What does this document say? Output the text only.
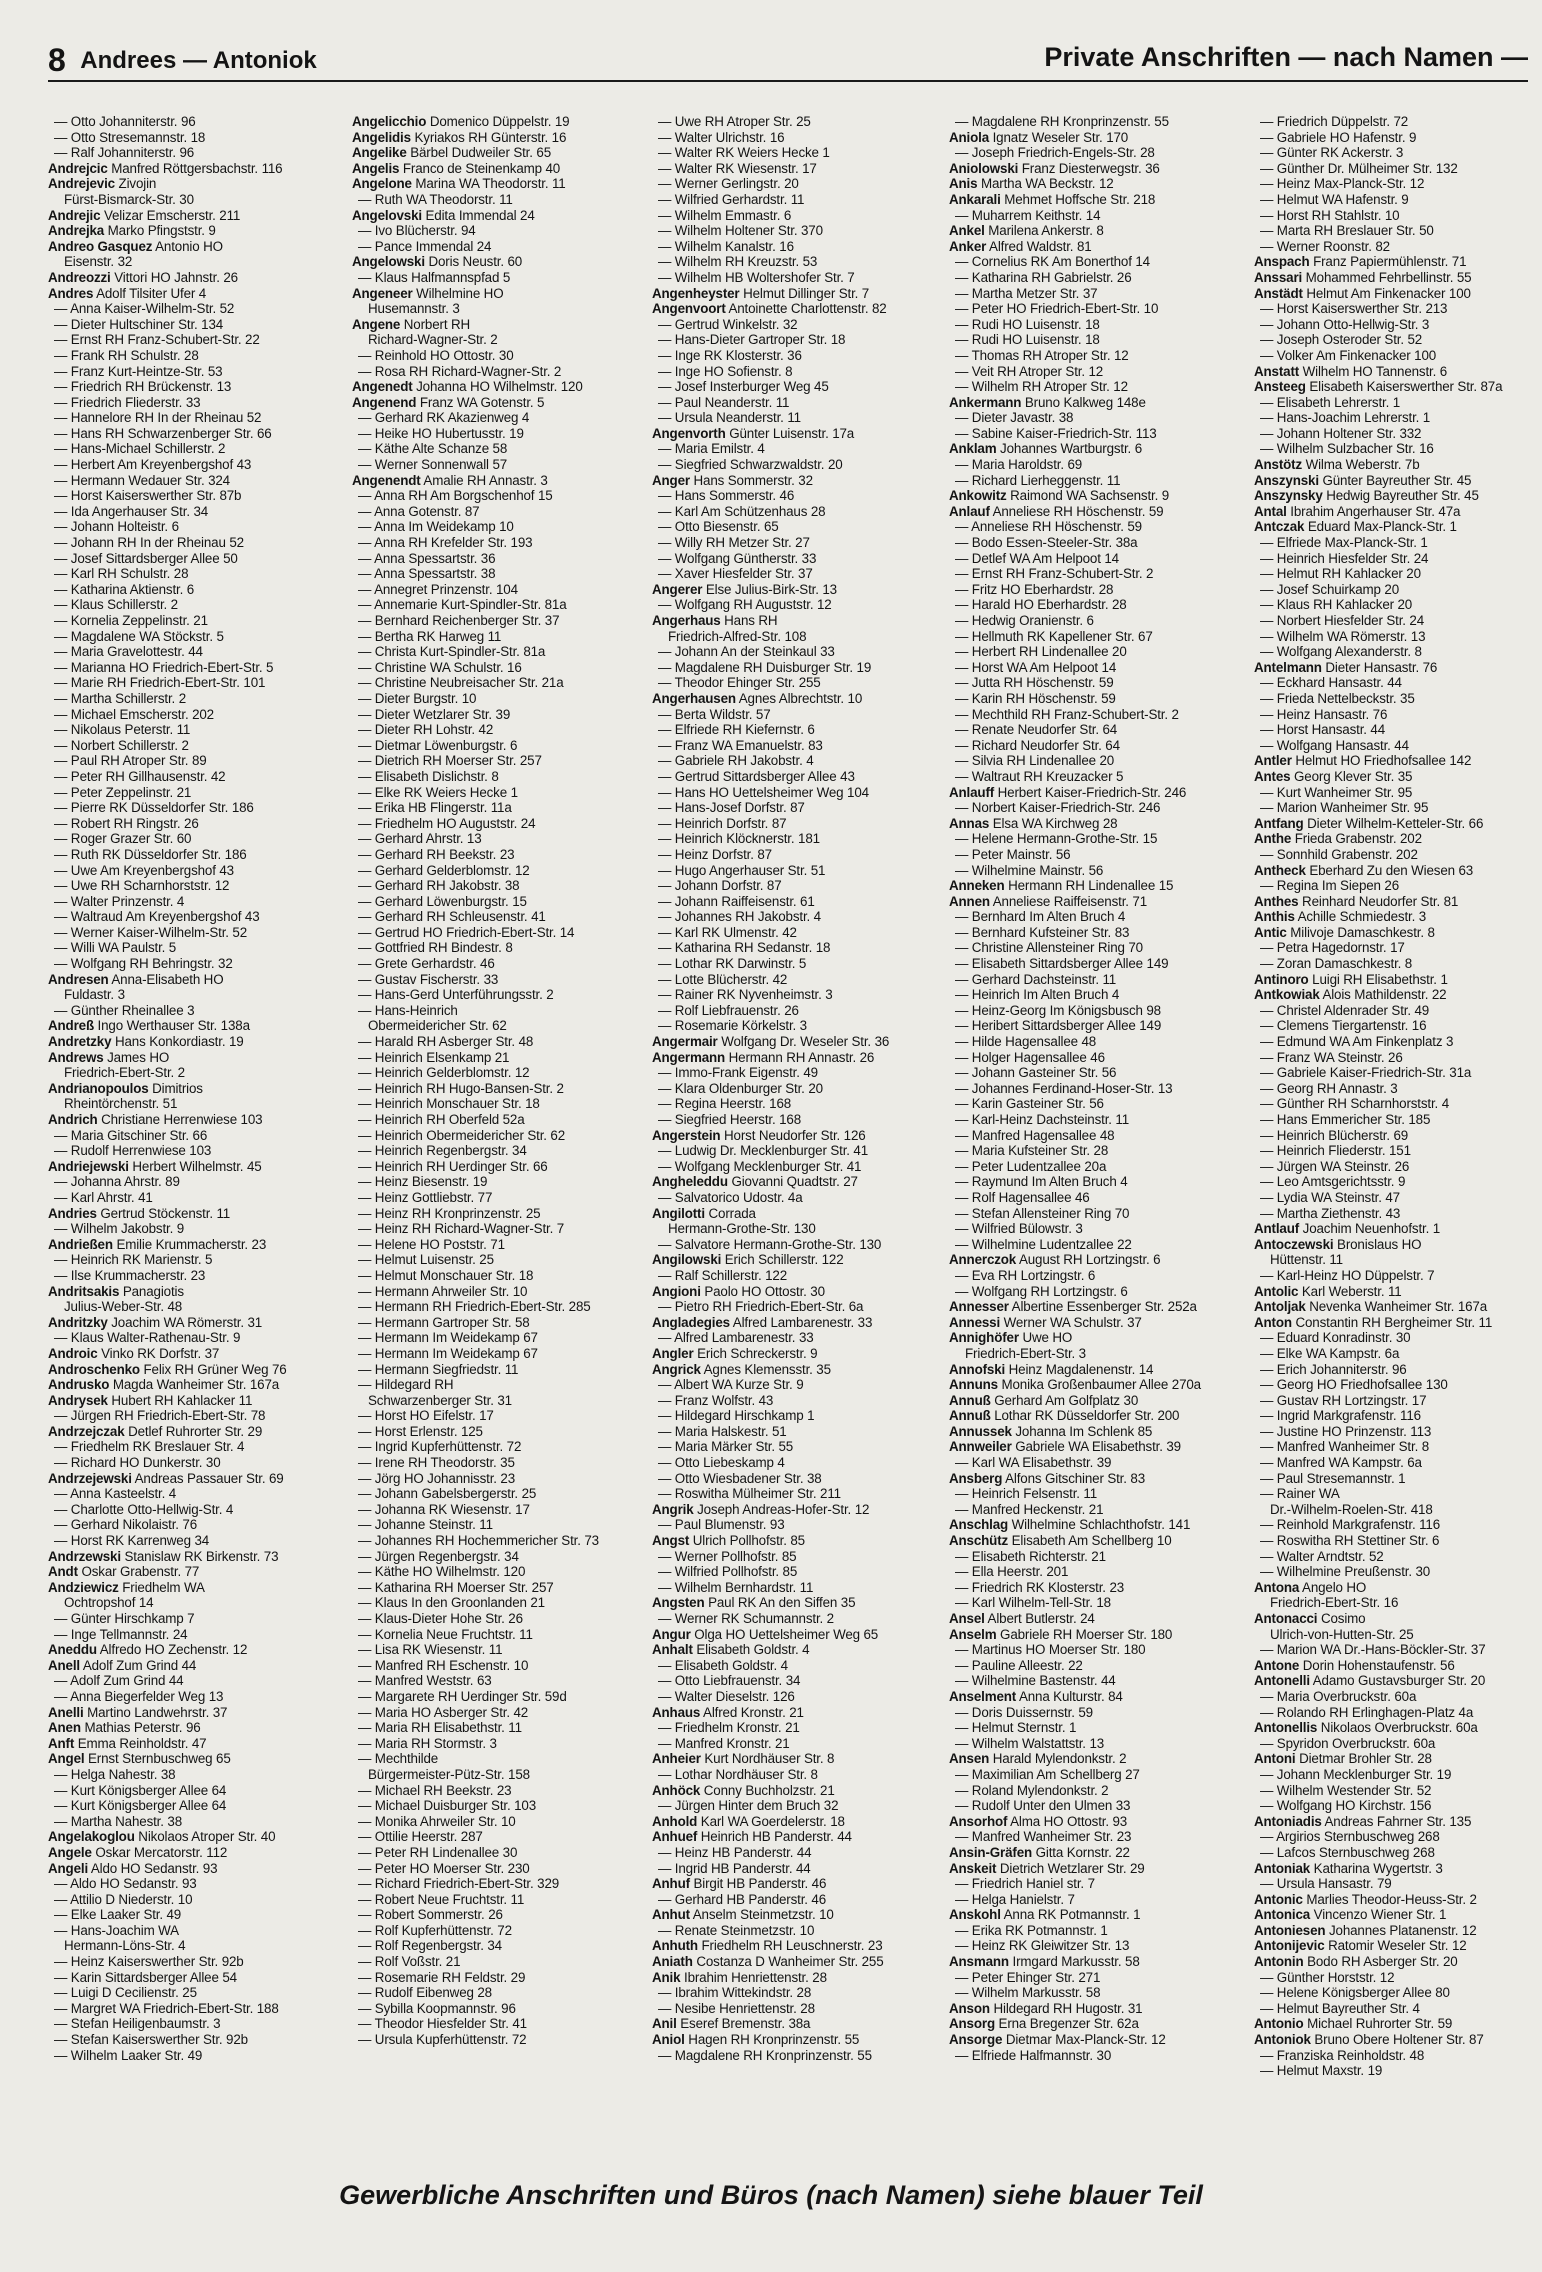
8 Andrees — Antoniok	Private Anschriften — nach Namen —
— Otto Johanniterstr. 96
— Otto Stresemannstr. 18
— Ralf Johanniterstr. 96
Andrejcic Manfred Röttgersbachstr. 116
Andrejevic Zivojin
Fürst-Bismarck-Str. 30
Andrejic Velizar Emscherstr. 211
Andrejka Marko Pfingststr. 9
Andreo Gasquez Antonio HO
Eisenstr. 32
Andreozzi Vittori HO Jahnstr. 26
Andres Adolf Tilsiter Ufer 4
— Anna Kaiser-Wilhelm-Str. 52
— Dieter Hultschiner Str. 134
— Ernst RH Franz-Schubert-Str. 22
— Frank RH Schulstr. 28
— Franz Kurt-Heintze-Str. 53
— Friedrich RH Brückenstr. 13
— Friedrich Fliederstr. 33
— Hannelore RH In der Rheinau 52
— Hans RH Schwarzenberger Str. 66
— Hans-Michael Schillerstr. 2
— Herbert Am Kreyenbergshof 43
— Hermann Wedauer Str. 324
— Horst Kaiserswerther Str. 87b
— Ida Angerhauser Str. 34
— Johann Holteistr. 6
— Johann RH In der Rheinau 52
— Josef Sittardsberger Allee 50
— Karl RH Schulstr. 28
— Katharina Aktienstr. 6
— Klaus Schillerstr. 2
— Kornelia Zeppelinstr. 21
— Magdalene WA Stöckstr. 5
— Maria Gravelottestr. 44
— Marianna HO Friedrich-Ebert-Str. 5
— Marie RH Friedrich-Ebert-Str. 101
— Martha Schillerstr. 2
— Michael Emscherstr. 202
— Nikolaus Peterstr. 11
— Norbert Schillerstr. 2
— Paul RH Atroper Str. 89
— Peter RH Gillhausenstr. 42
— Peter Zeppelinstr. 21
— Pierre RK Düsseldorfer Str. 186
— Robert RH Ringstr. 26
— Roger Grazer Str. 60
— Ruth RK Düsseldorfer Str. 186
— Uwe Am Kreyenbergshof 43
— Uwe RH Scharnhorststr. 12
— Walter Prinzenstr. 4
— Waltraud Am Kreyenbergshof 43
— Werner Kaiser-Wilhelm-Str. 52
— Willi WA Paulstr. 5
— Wolfgang RH Behringstr. 32
Andresen Anna-Elisabeth HO
Fuldastr. 3
— Günther Rheinallee 3
Andreß Ingo Werthauser Str. 138a
Andretzky Hans Konkordiastr. 19
Andrews James HO
Friedrich-Ebert-Str. 2
Andrianopoulos Dimitrios
Rheintörchenstr. 51
Andrich Christiane Herrenwiese 103
— Maria Gitschiner Str. 66
— Rudolf Herrenwiese 103
Andriejewski Herbert Wilhelmstr. 45
— Johanna Ahrstr. 89
— Karl Ahrstr. 41
Andries Gertrud Stöckenstr. 11
— Wilhelm Jakobstr. 9
Andrießen Emilie Krummacherstr. 23
— Heinrich RK Marienstr. 5
— Ilse Krummacherstr. 23
Andritsakis Panagiotis
Julius-Weber-Str. 48
Andritzky Joachim WA Römerstr. 31
— Klaus Walter-Rathenau-Str. 9
Androic Vinko RK Dorfstr. 37
Androschenko Felix RH Grüner Weg 76
Andrusko Magda Wanheimer Str. 167a
Andrysek Hubert RH Kahlacker 11
— Jürgen RH Friedrich-Ebert-Str. 78
Andrzejczak Detlef Ruhrorter Str. 29
— Friedhelm RK Breslauer Str. 4
— Richard HO Dunkerstr. 30
Andrzejewski Andreas Passauer Str. 69
— Anna Kasteelstr. 4
— Charlotte Otto-Hellwig-Str. 4
— Gerhard Nikolaistr. 76
— Horst RK Karrenweg 34
Andrzewski Stanislaw RK Birkenstr. 73
Andt Oskar Grabenstr. 77
Andziewicz Friedhelm WA
Ochtropshof 14
— Günter Hirschkamp 7
— Inge Tellmannstr. 24
Aneddu Alfredo HO Zechenstr. 12
Anell Adolf Zum Grind 44
— Adolf Zum Grind 44
— Anna Biegerfelder Weg 13
Anelli Martino Landwehrstr. 37
Anen Mathias Peterstr. 96
Anft Emma Reinholdstr. 47
Angel Ernst Sternbuschweg 65
— Helga Nahestr. 38
— Kurt Königsberger Allee 64
— Kurt Königsberger Allee 64
— Martha Nahestr. 38
Angelakoglou Nikolaos Atroper Str. 40
Angele Oskar Mercatorstr. 112
Angeli Aldo HO Sedanstr. 93
— Aldo HO Sedanstr. 93
— Attilio D Niederstr. 10
— Elke Laaker Str. 49
— Hans-Joachim WA
Hermann-Löns-Str. 4
— Heinz Kaiserswerther Str. 92b
— Karin Sittardsberger Allee 54
— Luigi D Cecilienstr. 25
— Margret WA Friedrich-Ebert-Str. 188
— Stefan Heiligenbaumstr. 3
— Stefan Kaiserswerther Str. 92b
— Wilhelm Laaker Str. 49
Angelicchio Domenico Düppelstr. 19
Angelidis Kyriakos RH Günterstr. 16
Angelike Bärbel Dudweiler Str. 65
Angelis Franco de Steinenkamp 40
Angelone Marina WA Theodorstr. 11
— Ruth WA Theodorstr. 11
Angelovski Edita Immendal 24
— Ivo Blücherstr. 94
— Pance Immendal 24
Angelowski Doris Neustr. 60
— Klaus Halfmannspfad 5
Angeneer Wilhelmine HO
Husemannstr. 3
Angene Norbert RH
Richard-Wagner-Str. 2
— Reinhold HO Ottostr. 30
— Rosa RH Richard-Wagner-Str. 2
Angenedt Johanna HO Wilhelmstr. 120
Angenend Franz WA Gotenstr. 5
— Gerhard RK Akazienweg 4
— Heike HO Hubertusstr. 19
— Käthe Alte Schanze 58
— Werner Sonnenwall 57
Angenendt Amalie RH Annastr. 3
— Anna RH Am Borgschenhof 15
— Anna Gotenstr. 87
— Anna Im Weidekamp 10
— Anna RH Krefelder Str. 193
— Anna Spessartstr. 36
— Anna Spessartstr. 38
— Annegret Prinzenstr. 104
— Annemarie Kurt-Spindler-Str. 81a
— Bernhard Reichenberger Str. 37
— Bertha RK Harweg 11
— Christa Kurt-Spindler-Str. 81a
— Christine WA Schulstr. 16
— Christine Neubreisacher Str. 21a
— Dieter Burgstr. 10
— Dieter Wetzlarer Str. 39
— Dieter RH Lohstr. 42
— Dietmar Löwenburgstr. 6
— Dietrich RH Moerser Str. 257
— Elisabeth Dislichstr. 8
— Elke RK Weiers Hecke 1
— Erika HB Flingerstr. 11a
— Friedhelm HO Auguststr. 24
— Gerhard Ahrstr. 13
— Gerhard RH Beekstr. 23
— Gerhard Gelderblomstr. 12
— Gerhard RH Jakobstr. 38
— Gerhard Löwenburgstr. 15
— Gerhard RH Schleusenstr. 41
— Gertrud HO Friedrich-Ebert-Str. 14
— Gottfried RH Bindestr. 8
— Grete Gerhardstr. 46
— Gustav Fischerstr. 33
— Hans-Gerd Unterführungsstr. 2
— Hans-Heinrich
Obermeidericher Str. 62
— Harald RH Asberger Str. 48
— Heinrich Elsenkamp 21
— Heinrich Gelderblomstr. 12
— Heinrich RH Hugo-Bansen-Str. 2
— Heinrich Monschauer Str. 18
— Heinrich RH Oberfeld 52a
— Heinrich Obermeidericher Str. 62
— Heinrich Regenbergstr. 34
— Heinrich RH Uerdinger Str. 66
— Heinz Biesenstr. 19
— Heinz Gottliebstr. 77
— Heinz RH Kronprinzenstr. 25
— Heinz RH Richard-Wagner-Str. 7
— Helene HO Poststr. 71
— Helmut Luisenstr. 25
— Helmut Monschauer Str. 18
— Hermann Ahrweiler Str. 10
— Hermann RH Friedrich-Ebert-Str. 285
— Hermann Gartroper Str. 58
— Hermann Im Weidekamp 67
— Hermann Im Weidekamp 67
— Hermann Siegfriedstr. 11
— Hildegard RH
Schwarzenberger Str. 31
— Horst HO Eifelstr. 17
— Horst Erlenstr. 125
— Ingrid Kupferhüttenstr. 72
— Irene RH Theodorstr. 35
— Jörg HO Johannisstr. 23
— Johann Gabelsbergerstr. 25
— Johanna RK Wiesenstr. 17
— Johanne Steinstr. 11
— Johannes RH Hochemmericher Str. 73
— Jürgen Regenbergstr. 34
— Käthe HO Wilhelmstr. 120
— Katharina RH Moerser Str. 257
— Klaus In den Groonlanden 21
— Klaus-Dieter Hohe Str. 26
— Kornelia Neue Fruchtstr. 11
— Lisa RK Wiesenstr. 11
— Manfred RH Eschenstr. 10
— Manfred Weststr. 63
— Margarete RH Uerdinger Str. 59d
— Maria HO Asberger Str. 42
— Maria RH Elisabethstr. 11
— Maria RH Stormstr. 3
— Mechthilde
Bürgermeister-Pütz-Str. 158
— Michael RH Beekstr. 23
— Michael Duisburger Str. 103
— Monika Ahrweiler Str. 10
— Ottilie Heerstr. 287
— Peter RH Lindenallee 30
— Peter HO Moerser Str. 230
— Richard Friedrich-Ebert-Str. 329
— Robert Neue Fruchtstr. 11
— Robert Sommerstr. 26
— Rolf Kupferhüttenstr. 72
— Rolf Regenbergstr. 34
— Rolf Voßstr. 21
— Rosemarie RH Feldstr. 29
— Rudolf Eibenweg 28
— Sybilla Koopmannstr. 96
— Theodor Hiesfelder Str. 41
— Ursula Kupferhüttenstr. 72
— Uwe RH Atroper Str. 25
— Walter Ulrichstr. 16
— Walter RK Weiers Hecke 1
— Walter RK Wiesenstr. 17
— Werner Gerlingstr. 20
— Wilfried Gerhardstr. 11
— Wilhelm Emmastr. 6
— Wilhelm Holtener Str. 370
— Wilhelm Kanalstr. 16
— Wilhelm RH Kreuzstr. 53
— Wilhelm HB Woltershofer Str. 7
Angenheyster Helmut Dillinger Str. 7
Angenvoort Antoinette Charlottenstr. 82
— Gertrud Winkelstr. 32
— Hans-Dieter Gartroper Str. 18
— Inge RK Klosterstr. 36
— Inge HO Sofienstr. 8
— Josef Insterburger Weg 45
— Paul Neanderstr. 11
— Ursula Neanderstr. 11
Angenvorth Günter Luisenstr. 17a
— Maria Emilstr. 4
— Siegfried Schwarzwaldstr. 20
Anger Hans Sommerstr. 32
— Hans Sommerstr. 46
— Karl Am Schützenhaus 28
— Otto Biesenstr. 65
— Willy RH Metzer Str. 27
— Wolfgang Güntherstr. 33
— Xaver Hiesfelder Str. 37
Angerer Else Julius-Birk-Str. 13
— Wolfgang RH Auguststr. 12
Angerhaus Hans RH
Friedrich-Alfred-Str. 108
— Johann An der Steinkaul 33
— Magdalene RH Duisburger Str. 19
— Theodor Ehinger Str. 255
Angerhausen Agnes Albrechtstr. 10
— Berta Wildstr. 57
— Elfriede RH Kiefernstr. 6
— Franz WA Emanuelstr. 83
— Gabriele RH Jakobstr. 4
— Gertrud Sittardsberger Allee 43
— Hans HO Uettelsheimer Weg 104
— Hans-Josef Dorfstr. 87
— Heinrich Dorfstr. 87
— Heinrich Klöcknerstr. 181
— Heinz Dorfstr. 87
— Hugo Angerhauser Str. 51
— Johann Dorfstr. 87
— Johann Raiffeisenstr. 61
— Johannes RH Jakobstr. 4
— Karl RK Ulmenstr. 42
— Katharina RH Sedanstr. 18
— Lothar RK Darwinstr. 5
— Lotte Blücherstr. 42
— Rainer RK Nyvenheimstr. 3
— Rolf Liebfrauenstr. 26
— Rosemarie Körkelstr. 3
Angermair Wolfgang Dr. Weseler Str. 36
Angermann Hermann RH Annastr. 26
— Immo-Frank Eigenstr. 49
— Klara Oldenburger Str. 20
— Regina Heerstr. 168
— Siegfried Heerstr. 168
Angerstein Horst Neudorfer Str. 126
— Ludwig Dr. Mecklenburger Str. 41
— Wolfgang Mecklenburger Str. 41
Angheleddu Giovanni Quadtstr. 27
— Salvatorico Udostr. 4a
Angilotti Corrada
Hermann-Grothe-Str. 130
— Salvatore Hermann-Grothe-Str. 130
Angilowski Erich Schillerstr. 122
— Ralf Schillerstr. 122
Angioni Paolo HO Ottostr. 30
— Pietro RH Friedrich-Ebert-Str. 6a
Angladegies Alfred Lambarenestr. 33
— Alfred Lambarenestr. 33
Angler Erich Schreckerstr. 9
Angrick Agnes Klemensstr. 35
— Albert WA Kurze Str. 9
— Franz Wolfstr. 43
— Hildegard Hirschkamp 1
— Maria Halskestr. 51
— Maria Märker Str. 55
— Otto Liebeskamp 4
— Otto Wiesbadener Str. 38
— Roswitha Mülheimer Str. 211
Angrik Joseph Andreas-Hofer-Str. 12
— Paul Blumenstr. 93
Angst Ulrich Pollhofstr. 85
— Werner Pollhofstr. 85
— Wilfried Pollhofstr. 85
— Wilhelm Bernhardstr. 11
Angsten Paul RK An den Siffen 35
— Werner RK Schumannstr. 2
Angur Olga HO Uettelsheimer Weg 65
Anhalt Elisabeth Goldstr. 4
— Elisabeth Goldstr. 4
— Otto Liebfrauenstr. 34
— Walter Dieselstr. 126
Anhaus Alfred Kronstr. 21
— Friedhelm Kronstr. 21
— Manfred Kronstr. 21
Anheier Kurt Nordhäuser Str. 8
— Lothar Nordhäuser Str. 8
Anhöck Conny Buchholzstr. 21
— Jürgen Hinter dem Bruch 32
Anhold Karl WA Goerdelerstr. 18
Anhuef Heinrich HB Panderstr. 44
— Heinz HB Panderstr. 44
— Ingrid HB Panderstr. 44
Anhuf Birgit HB Panderstr. 46
— Gerhard HB Panderstr. 46
Anhut Anselm Steinmetzstr. 10
— Renate Steinmetzstr. 10
Anhuth Friedhelm RH Leuschnerstr. 23
Aniath Costanza D Wanheimer Str. 255
Anik Ibrahim Henriettenstr. 28
— Ibrahim Wittekindstr. 28
— Nesibe Henriettenstr. 28
Anil Eseref Bremenstr. 38a
Aniol Hagen RH Kronprinzenstr. 55
— Magdalene RH Kronprinzenstr. 55
— Magdalene RH Kronprinzenstr. 55
Aniola Ignatz Weseler Str. 170
— Joseph Friedrich-Engels-Str. 28
Aniolowski Franz Diesterwegstr. 36
Anis Martha WA Beckstr. 12
Ankarali Mehmet Hoffsche Str. 218
— Muharrem Keithstr. 14
Ankel Marilena Ankerstr. 8
Anker Alfred Waldstr. 81
— Cornelius RK Am Bonerthof 14
— Katharina RH Gabrielstr. 26
— Martha Metzer Str. 37
— Peter HO Friedrich-Ebert-Str. 10
— Rudi HO Luisenstr. 18
— Rudi HO Luisenstr. 18
— Thomas RH Atroper Str. 12
— Veit RH Atroper Str. 12
— Wilhelm RH Atroper Str. 12
Ankermann Bruno Kalkweg 148e
— Dieter Javastr. 38
— Sabine Kaiser-Friedrich-Str. 113
Anklam Johannes Wartburgstr. 6
— Maria Haroldstr. 69
— Richard Lierheggenstr. 11
Ankowitz Raimond WA Sachsenstr. 9
Anlauf Anneliese RH Höschenstr. 59
— Anneliese RH Höschenstr. 59
— Bodo Essen-Steeler-Str. 38a
— Detlef WA Am Helpoot 14
— Ernst RH Franz-Schubert-Str. 2
— Fritz HO Eberhardstr. 28
— Harald HO Eberhardstr. 28
— Hedwig Oranienstr. 6
— Hellmuth RK Kapellener Str. 67
— Herbert RH Lindenallee 20
— Horst WA Am Helpoot 14
— Jutta RH Höschenstr. 59
— Karin RH Höschenstr. 59
— Mechthild RH Franz-Schubert-Str. 2
— Renate Neudorfer Str. 64
— Richard Neudorfer Str. 64
— Silvia RH Lindenallee 20
— Waltraut RH Kreuzacker 5
Anlauff Herbert Kaiser-Friedrich-Str. 246
— Norbert Kaiser-Friedrich-Str. 246
Annas Elsa WA Kirchweg 28
— Helene Hermann-Grothe-Str. 15
— Peter Mainstr. 56
— Wilhelmine Mainstr. 56
Anneken Hermann RH Lindenallee 15
Annen Anneliese Raiffeisenstr. 71
— Bernhard Im Alten Bruch 4
— Bernhard Kufsteiner Str. 83
— Christine Allensteiner Ring 70
— Elisabeth Sittardsberger Allee 149
— Gerhard Dachsteinstr. 11
— Heinrich Im Alten Bruch 4
— Heinz-Georg Im Königsbusch 98
— Heribert Sittardsberger Allee 149
— Hilde Hagensallee 48
— Holger Hagensallee 46
— Johann Gasteiner Str. 56
— Johannes Ferdinand-Hoser-Str. 13
— Karin Gasteiner Str. 56
— Karl-Heinz Dachsteinstr. 11
— Manfred Hagensallee 48
— Maria Kufsteiner Str. 28
— Peter Ludentzallee 20a
— Raymund Im Alten Bruch 4
— Rolf Hagensallee 46
— Stefan Allensteiner Ring 70
— Wilfried Bülowstr. 3
— Wilhelmine Ludentzallee 22
Annerczok August RH Lortzingstr. 6
— Eva RH Lortzingstr. 6
— Wolfgang RH Lortzingstr. 6
Annesser Albertine Essenberger Str. 252a
Annessi Werner WA Schulstr. 37
Annighöfer Uwe HO
Friedrich-Ebert-Str. 3
Annofski Heinz Magdalenenstr. 14
Annuns Monika Großenbaumer Allee 270a
Annuß Gerhard Am Golfplatz 30
Annuß Lothar RK Düsseldorfer Str. 200
Annussek Johanna Im Schlenk 85
Annweiler Gabriele WA Elisabethstr. 39
— Karl WA Elisabethstr. 39
Ansberg Alfons Gitschiner Str. 83
— Heinrich Felsenstr. 11
— Manfred Heckenstr. 21
Anschlag Wilhelmine Schlachthofstr. 141
Anschütz Elisabeth Am Schellberg 10
— Elisabeth Richterstr. 21
— Ella Heerstr. 201
— Friedrich RK Klosterstr. 23
— Karl Wilhelm-Tell-Str. 18
Ansel Albert Butlerstr. 24
Anselm Gabriele RH Moerser Str. 180
— Martinus HO Moerser Str. 180
— Pauline Alleestr. 22
— Wilhelmine Bastenstr. 44
Anselment Anna Kulturstr. 84
— Doris Duissernstr. 59
— Helmut Sternstr. 1
— Wilhelm Walstattstr. 13
Ansen Harald Mylendonkstr. 2
— Maximilian Am Schellberg 27
— Roland Mylendonkstr. 2
— Rudolf Unter den Ulmen 33
Ansorhof Alma HO Ottostr. 93
— Manfred Wanheimer Str. 23
Ansin-Gräfen Gitta Kornstr. 22
Anskeit Dietrich Wetzlarer Str. 29
— Friedrich Haniel str. 7
— Helga Hanielstr. 7
Anskohl Anna RK Potmannstr. 1
— Erika RK Potmannstr. 1
— Heinz RK Gleiwitzer Str. 13
Ansmann Irmgard Markusstr. 58
— Peter Ehinger Str. 271
— Wilhelm Markusstr. 58
Anson Hildegard RH Hugostr. 31
Ansorg Erna Bregenzer Str. 62a
Ansorge Dietmar Max-Planck-Str. 12
— Elfriede Halfmannstr. 30
— Friedrich Düppelstr. 72
— Gabriele HO Hafenstr. 9
— Günter RK Ackerstr. 3
— Günther Dr. Mülheimer Str. 132
— Heinz Max-Planck-Str. 12
— Helmut WA Hafenstr. 9
— Horst RH Stahlstr. 10
— Marta RH Breslauer Str. 50
— Werner Roonstr. 82
Anspach Franz Papiermühlenstr. 71
Anssari Mohammed Fehrbellinstr. 55
Anstädt Helmut Am Finkenacker 100
— Horst Kaiserswerther Str. 213
— Johann Otto-Hellwig-Str. 3
— Joseph Osteroder Str. 52
— Volker Am Finkenacker 100
Anstatt Wilhelm HO Tannenstr. 6
Ansteeg Elisabeth Kaiserswerther Str. 87a
— Elisabeth Lehrerstr. 1
— Hans-Joachim Lehrerstr. 1
— Johann Holtener Str. 332
— Wilhelm Sulzbacher Str. 16
Anstötz Wilma Weberstr. 7b
Anszynski Günter Bayreuther Str. 45
Anszynsky Hedwig Bayreuther Str. 45
Antal Ibrahim Angerhauser Str. 47a
Antczak Eduard Max-Planck-Str. 1
— Elfriede Max-Planck-Str. 1
— Heinrich Hiesfelder Str. 24
— Helmut RH Kahlacker 20
— Josef Schuirkamp 20
— Klaus RH Kahlacker 20
— Norbert Hiesfelder Str. 24
— Wilhelm WA Römerstr. 13
— Wolfgang Alexanderstr. 8
Antelmann Dieter Hansastr. 76
— Eckhard Hansastr. 44
— Frieda Nettelbeckstr. 35
— Heinz Hansastr. 76
— Horst Hansastr. 44
— Wolfgang Hansastr. 44
Antler Helmut HO Friedhofsallee 142
Antes Georg Klever Str. 35
— Kurt Wanheimer Str. 95
— Marion Wanheimer Str. 95
Antfang Dieter Wilhelm-Ketteler-Str. 66
Anthe Frieda Grabenstr. 202
— Sonnhild Grabenstr. 202
Antheck Eberhard Zu den Wiesen 63
— Regina Im Siepen 26
Anthes Reinhard Neudorfer Str. 81
Anthis Achille Schmiedestr. 3
Antic Milivoje Damaschkestr. 8
— Petra Hagedornstr. 17
— Zoran Damaschkestr. 8
Antinoro Luigi RH Elisabethstr. 1
Antkowiak Alois Mathildenstr. 22
— Christel Aldenrader Str. 49
— Clemens Tiergartenstr. 16
— Edmund WA Am Finkenplatz 3
— Franz WA Steinstr. 26
— Gabriele Kaiser-Friedrich-Str. 31a
— Georg RH Annastr. 3
— Günther RH Scharnhorststr. 4
— Hans Emmericher Str. 185
— Heinrich Blücherstr. 69
— Heinrich Fliederstr. 151
— Jürgen WA Steinstr. 26
— Leo Amtsgerichtsstr. 9
— Lydia WA Steinstr. 47
— Martha Ziethenstr. 43
Antlauf Joachim Neuenhofstr. 1
Antoczewski Bronislaus HO
Hüttenstr. 11
— Karl-Heinz HO Düppelstr. 7
Antolic Karl Weberstr. 11
Antoljak Nevenka Wanheimer Str. 167a
Anton Constantin RH Bergheimer Str. 11
— Eduard Konradinstr. 30
— Elke WA Kampstr. 6a
— Erich Johanniterstr. 96
— Georg HO Friedhofsallee 130
— Gustav RH Lortzingstr. 17
— Ingrid Markgrafenstr. 116
— Justine HO Prinzenstr. 113
— Manfred Wanheimer Str. 8
— Manfred WA Kampstr. 6a
— Paul Stresemannstr. 1
— Rainer WA
Dr.-Wilhelm-Roelen-Str. 418
— Reinhold Markgrafenstr. 116
— Roswitha RH Stettiner Str. 6
— Walter Arndtstr. 52
— Wilhelmine Preußenstr. 30
Antona Angelo HO
Friedrich-Ebert-Str. 16
Antonacci Cosimo
Ulrich-von-Hutten-Str. 25
— Marion WA Dr.-Hans-Böckler-Str. 37
Antone Dorin Hohenstaufenstr. 56
Antonelli Adamo Gustavsburger Str. 20
— Maria Overbruckstr. 60a
— Rolando RH Erlinghagen-Platz 4a
Antonellis Nikolaos Overbruckstr. 60a
— Spyridon Overbruckstr. 60a
Antoni Dietmar Brohler Str. 28
— Johann Mecklenburger Str. 19
— Wilhelm Westender Str. 52
— Wolfgang HO Kirchstr. 156
Antoniadis Andreas Fahrner Str. 135
— Argirios Sternbuschweg 268
— Lafcos Sternbuschweg 268
Antoniak Katharina Wygertstr. 3
— Ursula Hansastr. 79
Antonic Marlies Theodor-Heuss-Str. 2
Antonica Vincenzo Wiener Str. 1
Antoniesen Johannes Platanenstr. 12
Antonijevic Ratomir Weseler Str. 12
Antonin Bodo RH Asberger Str. 20
— Günther Horststr. 12
— Helene Königsberger Allee 80
— Helmut Bayreuther Str. 4
Antonio Michael Ruhrorter Str. 59
Antoniok Bruno Obere Holtener Str. 87
— Franziska Reinholdstr. 48
— Helmut Maxstr. 19
Gewerbliche Anschriften und Büros (nach Namen) siehe blauer Teil
